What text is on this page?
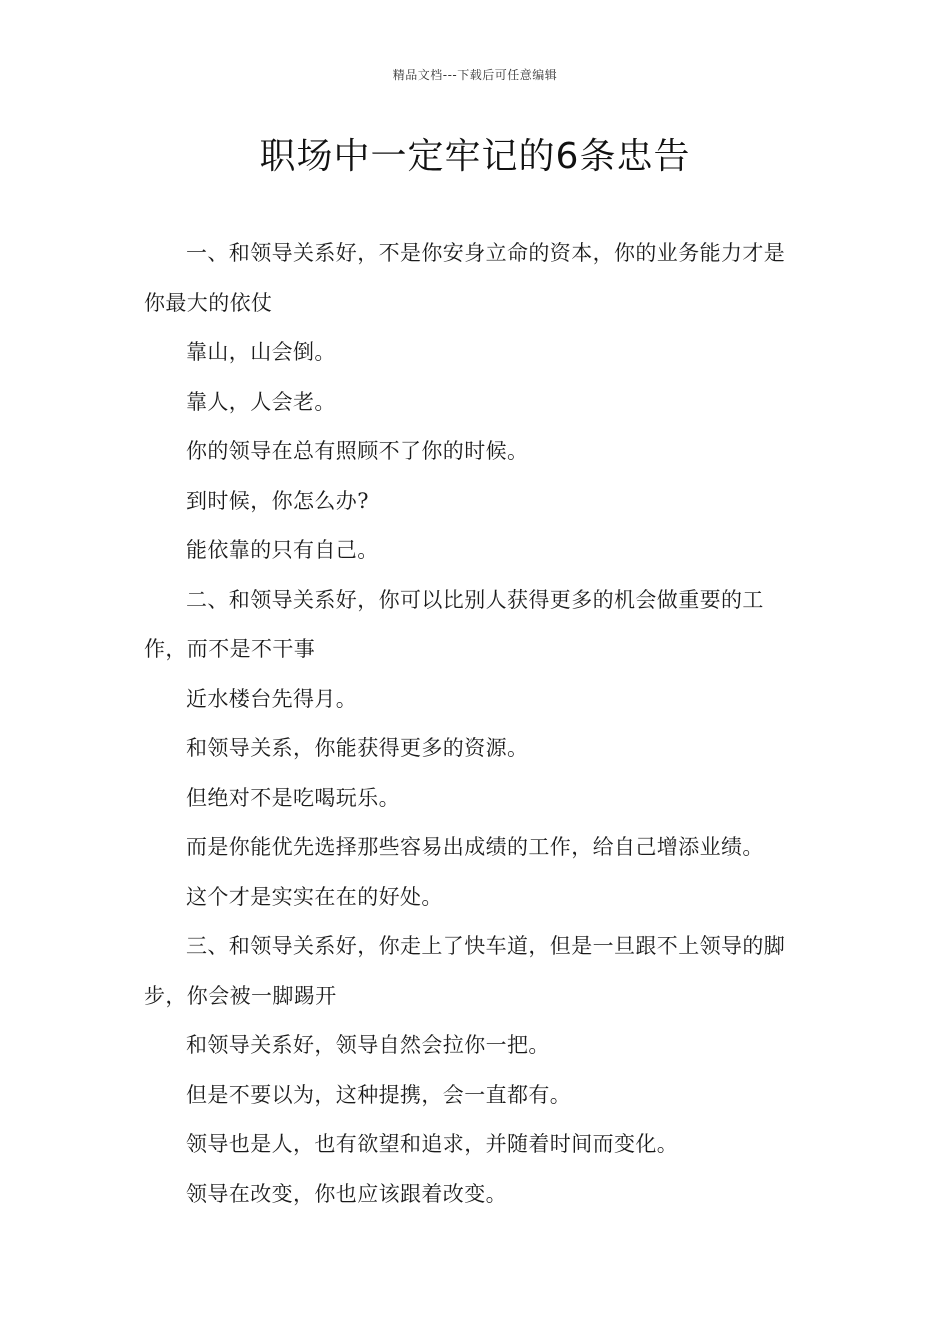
精品文档---下载后可任意编辑
职场中一定牢记的6条忠告

一、和领导关系好，不是你安身立命的资本，你的业务能力才是你最大的依仗

靠山，山会倒。

靠人，人会老。

你的领导在总有照顾不了你的时候。

到时候，你怎么办?

能依靠的只有自己。

二、和领导关系好，你可以比别人获得更多的机会做重要的工作，而不是不干事

近水楼台先得月。

和领导关系，你能获得更多的资源。

但绝对不是吃喝玩乐。

而是你能优先选择那些容易出成绩的工作，给自己增添业绩。

这个才是实实在在的好处。

三、和领导关系好，你走上了快车道，但是一旦跟不上领导的脚步，你会被一脚踢开

和领导关系好，领导自然会拉你一把。

但是不要以为，这种提携，会一直都有。

领导也是人，也有欲望和追求，并随着时间而变化。

领导在改变，你也应该跟着改变。
